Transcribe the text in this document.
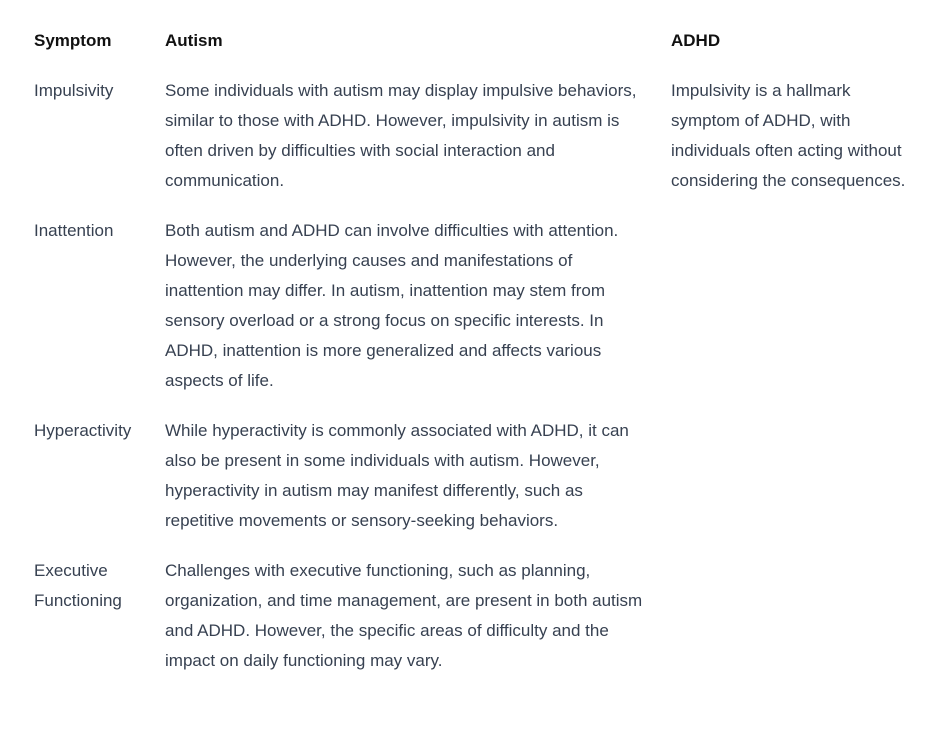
Symptom	Autism	ADHD
Impulsivity	Some individuals with autism may display impulsive behaviors, similar to those with ADHD. However, impulsivity in autism is often driven by difficulties with social interaction and communication.	Impulsivity is a hallmark symptom of ADHD, with individuals often acting without considering the consequences.
Inattention	Both autism and ADHD can involve difficulties with attention. However, the underlying causes and manifestations of inattention may differ. In autism, inattention may stem from sensory overload or a strong focus on specific interests. In ADHD, inattention is more generalized and affects various aspects of life.	
Hyperactivity	While hyperactivity is commonly associated with ADHD, it can also be present in some individuals with autism. However, hyperactivity in autism may manifest differently, such as repetitive movements or sensory-seeking behaviors.	
Executive Functioning	Challenges with executive functioning, such as planning, organization, and time management, are present in both autism and ADHD. However, the specific areas of difficulty and the impact on daily functioning may vary.	
